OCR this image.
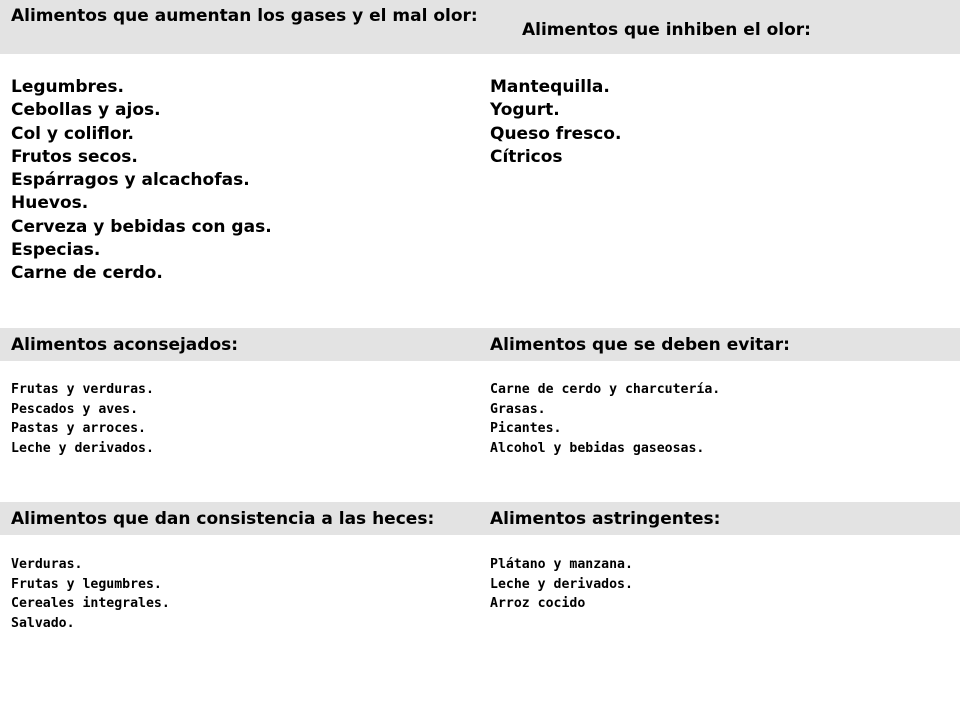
Alimentos que aumentan los gases y el mal olor:
Alimentos que inhiben el olor:
Legumbres.
Cebollas y ajos.
Col y coliflor.
Frutos secos.
Espárragos y alcachofas.
Huevos.
Cerveza y bebidas con gas.
Especias.
Carne de cerdo.
Mantequilla.
Yogurt.
Queso fresco.
Cítricos
Alimentos aconsejados:	Alimentos que se deben evitar:
Frutas y verduras.
Pescados y aves.
Pastas y arroces.
Leche y derivados.
Carne de cerdo y charcutería.
Grasas.
Picantes.
Alcohol y bebidas gaseosas.
Alimentos que dan consistencia a las heces:	Alimentos astringentes:
Verduras.
Frutas y legumbres.
Cereales integrales.
Salvado.
Plátano y manzana.
Leche y derivados.
Arroz cocido
